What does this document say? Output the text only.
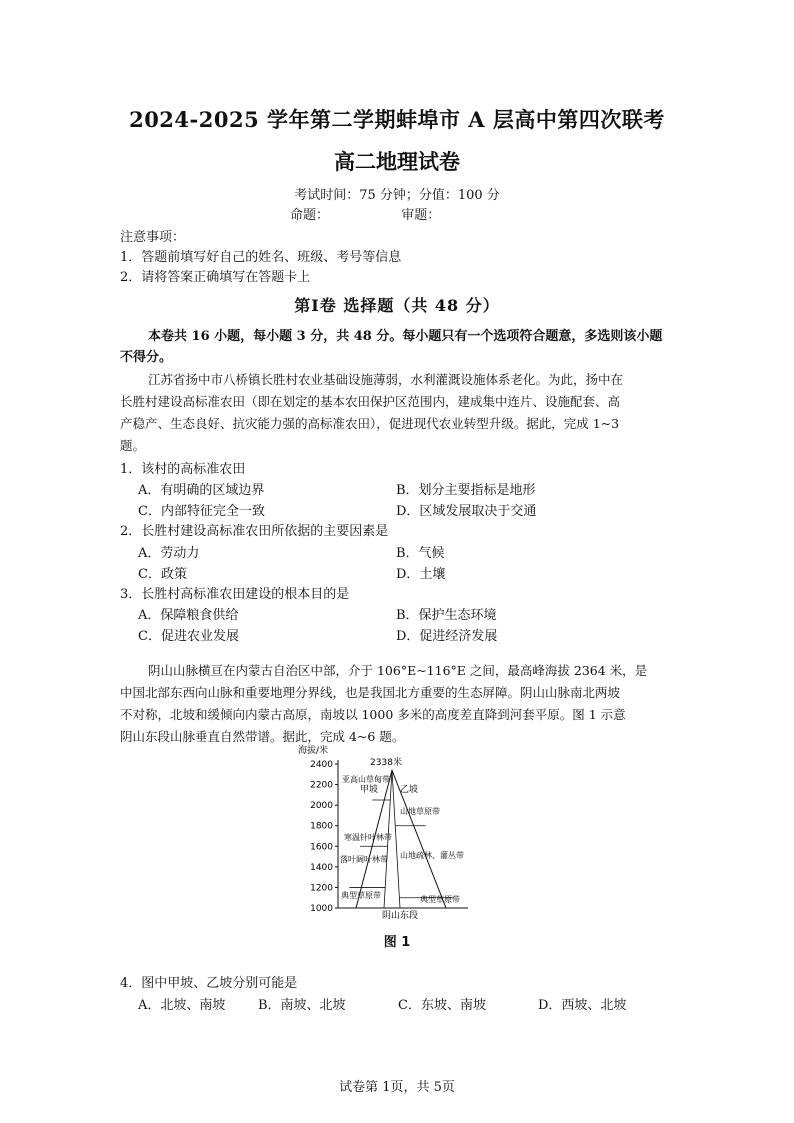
2024-2025 学年第二学期蚌埠市 A 层高中第四次联考
高二地理试卷
考试时间：75 分钟；分值：100 分
命题：	审题：
注意事项：
1．答题前填写好自己的姓名、班级、考号等信息
2．请将答案正确填写在答题卡上
第Ⅰ卷 选择题（共 48 分）
本卷共 16 小题，每小题 3 分，共 48 分。每小题只有一个选项符合题意，多选则该小题
不得分。
江苏省扬中市八桥镇长胜村农业基础设施薄弱，水利灌溉设施体系老化。为此，扬中在
长胜村建设高标准农田（即在划定的基本农田保护区范围内，建成集中连片、设施配套、高
产稳产、生态良好、抗灾能力强的高标准农田），促进现代农业转型升级。据此，完成 1~3
题。
1．该村的高标准农田
A．有明确的区域边界	B．划分主要指标是地形
C．内部特征完全一致	D．区域发展取决于交通
2．长胜村建设高标准农田所依据的主要因素是
A．劳动力	B．气候
C．政策	D．土壤
3．长胜村高标准农田建设的根本目的是
A．保障粮食供给	B．保护生态环境
C．促进农业发展	D．促进经济发展
阴山山脉横亘在内蒙古自治区中部，介于 106°E~116°E 之间，最高峰海拔 2364 米，是
中国北部东西向山脉和重要地理分界线，也是我国北方重要的生态屏障。阴山山脉南北两坡
不对称，北坡和缓倾向内蒙古高原，南坡以 1000 多米的高度差直降到河套平原。图 1 示意
阴山东段山脉垂直自然带谱。据此，完成 4~6 题。
海拔/米
2400
2200
2000
1800
1600
1400
1200
1000
2338米
甲坡 乙坡
亚高山草甸带
寒温针叶林带
落叶阔叶林带
典型草原带
山地草原带
山地疏林、灌丛带
典型草原带
阴山东段
图 1
4．图中甲坡、乙坡分别可能是
A．北坡、南坡	B．南坡、北坡	C．东坡、南坡	D．西坡、北坡
试卷第 1页，共 5页
